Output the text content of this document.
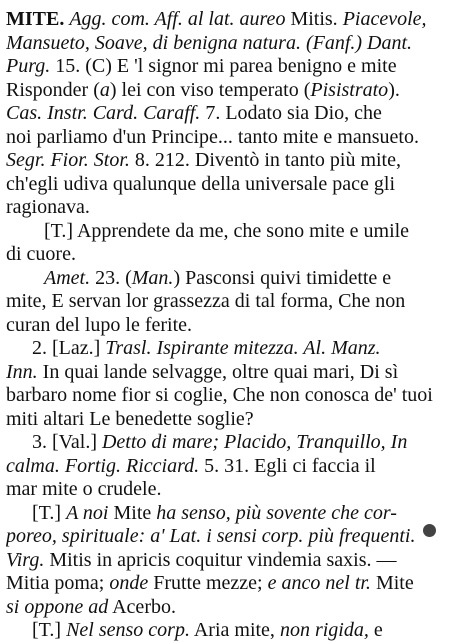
MITE. Agg. com. Aff. al lat. aureo Mitis. Piacevole,
Mansueto, Soave, di benigna natura. (Fanf.) Dant.
Purg. 15. (C) E 'l signor mi parea benigno e mite
Risponder (a) lei con viso temperato (Pisistrato).
Cas. Instr. Card. Caraff. 7. Lodato sia Dio, che
noi parliamo d'un Principe... tanto mite e mansueto.
Segr. Fior. Stor. 8. 212. Diventò in tanto più mite,
ch'egli udiva qualunque della universale pace gli
ragionava.
[T.] Apprendete da me, che sono mite e umile
di cuore.
Amet. 23. (Man.) Pasconsi quivi timidette e
mite, E servan lor grassezza di tal forma, Che non
curan del lupo le ferite.
2. [Laz.] Trasl. Ispirante mitezza. Al. Manz.
Inn. In quai lande selvagge, oltre quai mari, Di sì
barbaro nome fior si coglie, Che non conosca de' tuoi
miti altari Le benedette soglie?
3. [Val.] Detto di mare; Placido, Tranquillo, In
calma. Fortig. Ricciard. 5. 31. Egli ci faccia il
mar mite o crudele.
[T.] A noi Mite ha senso, più sovente che cor-
poreo, spirituale: a' Lat. i sensi corp. più frequenti.
Virg. Mitis in apricis coquitur vindemia saxis. —
Mitia poma; onde Frutte mezze; e anco nel tr. Mite
si oppone ad Acerbo.
[T.] Nel senso corp. Aria mite, non rigida, e
